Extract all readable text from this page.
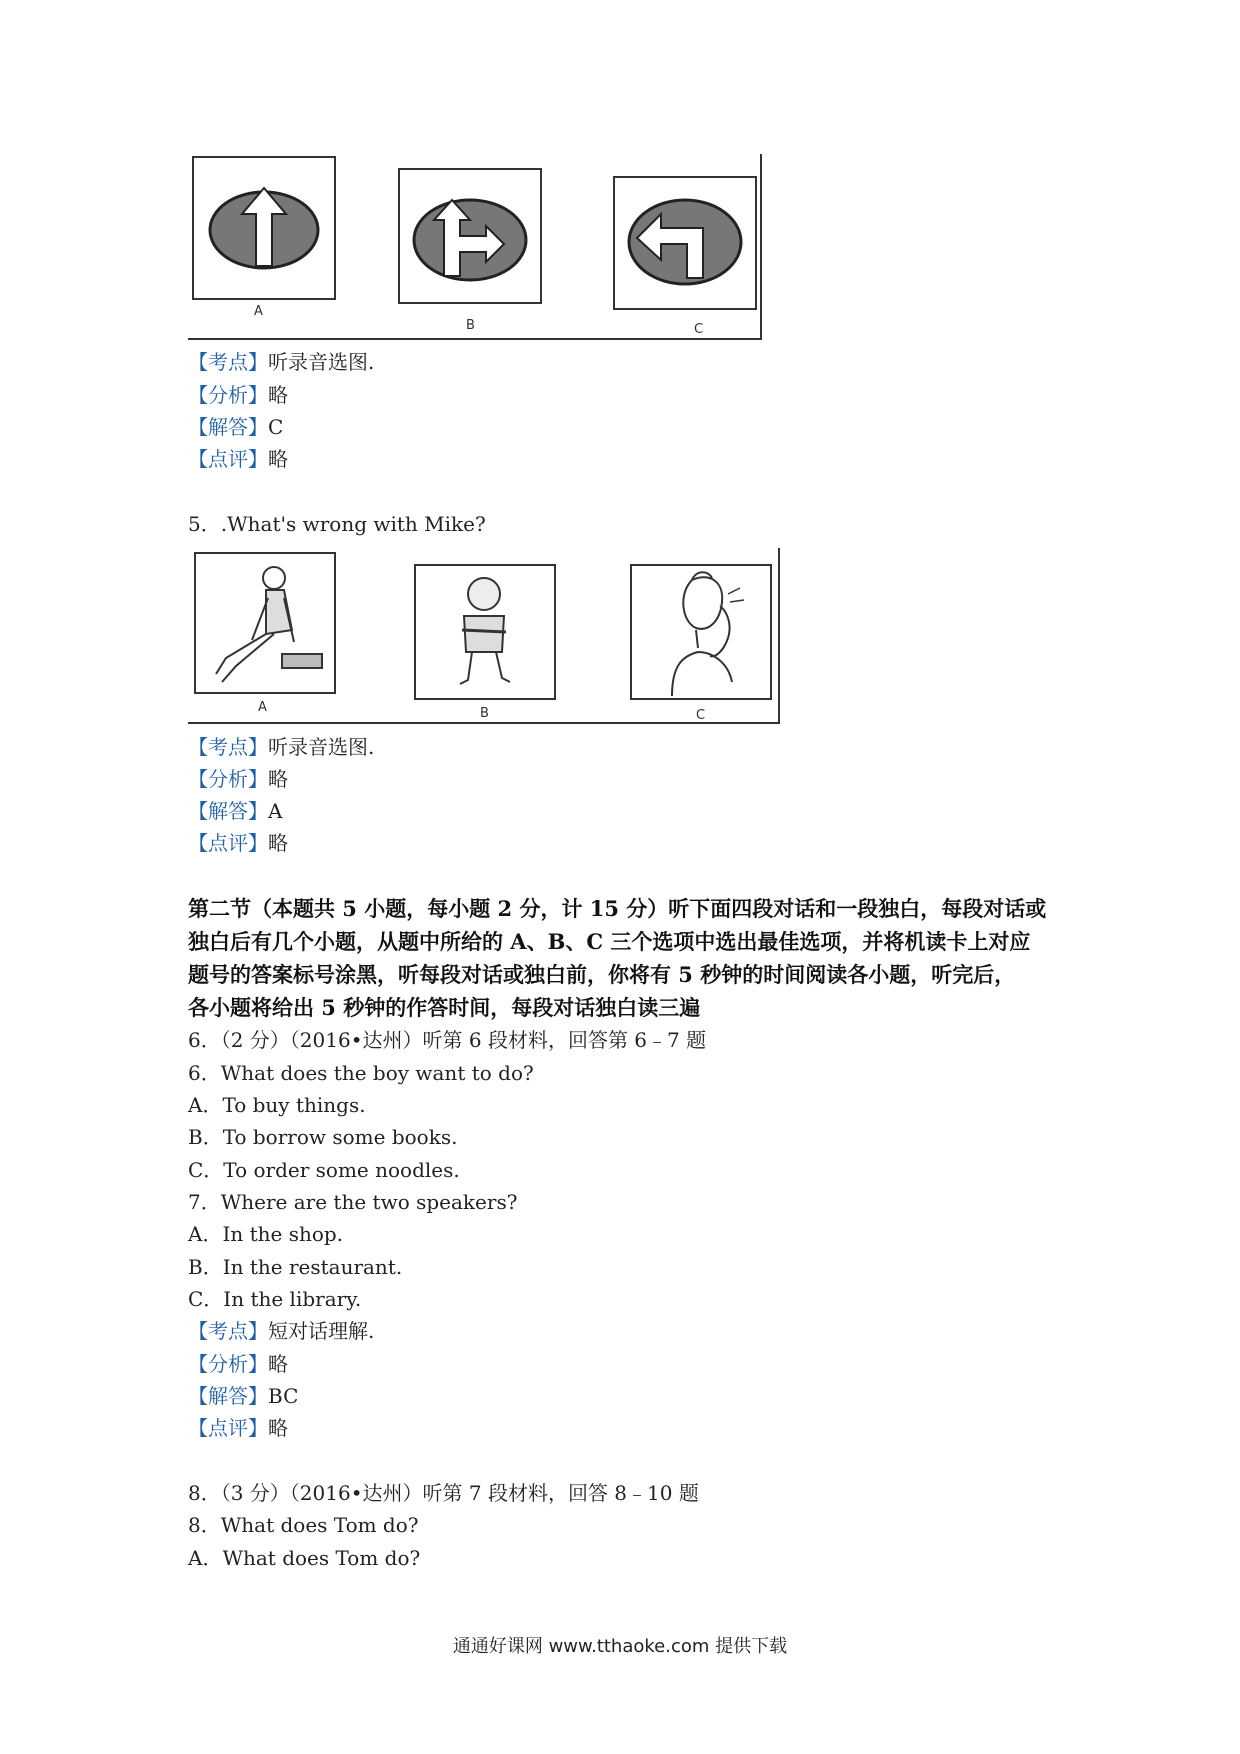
A
B	C
【考点】听录音选图.
【分析】略
【解答】C
【点评】略
5．.What's wrong with Mike?
A	B	C
【考点】听录音选图.
【分析】略
【解答】A
【点评】略
第二节（本题共 5 小题，每小题 2 分，计 15 分）听下面四段对话和一段独白，每段对话或
独白后有几个小题，从题中所给的 A、B、C 三个选项中选出最佳选项，并将机读卡上对应
题号的答案标号涂黑，听每段对话或独白前，你将有 5 秒钟的时间阅读各小题，听完后，
各小题将给出 5 秒钟的作答时间，每段对话独白读三遍
6．（2 分）（2016•达州）听第 6 段材料，回答第 6﹣7 题
6．What does the boy want to do?
A．To buy things.
B．To borrow some books.
C．To order some noodles.
7．Where are the two speakers?
A．In the shop.
B．In the restaurant.
C．In the library.
【考点】短对话理解.
【分析】略
【解答】BC
【点评】略
8．（3 分）（2016•达州）听第 7 段材料，回答 8﹣10 题
8．What does Tom do?
A．What does Tom do?
通通好课网 www.tthaoke.com 提供下载
